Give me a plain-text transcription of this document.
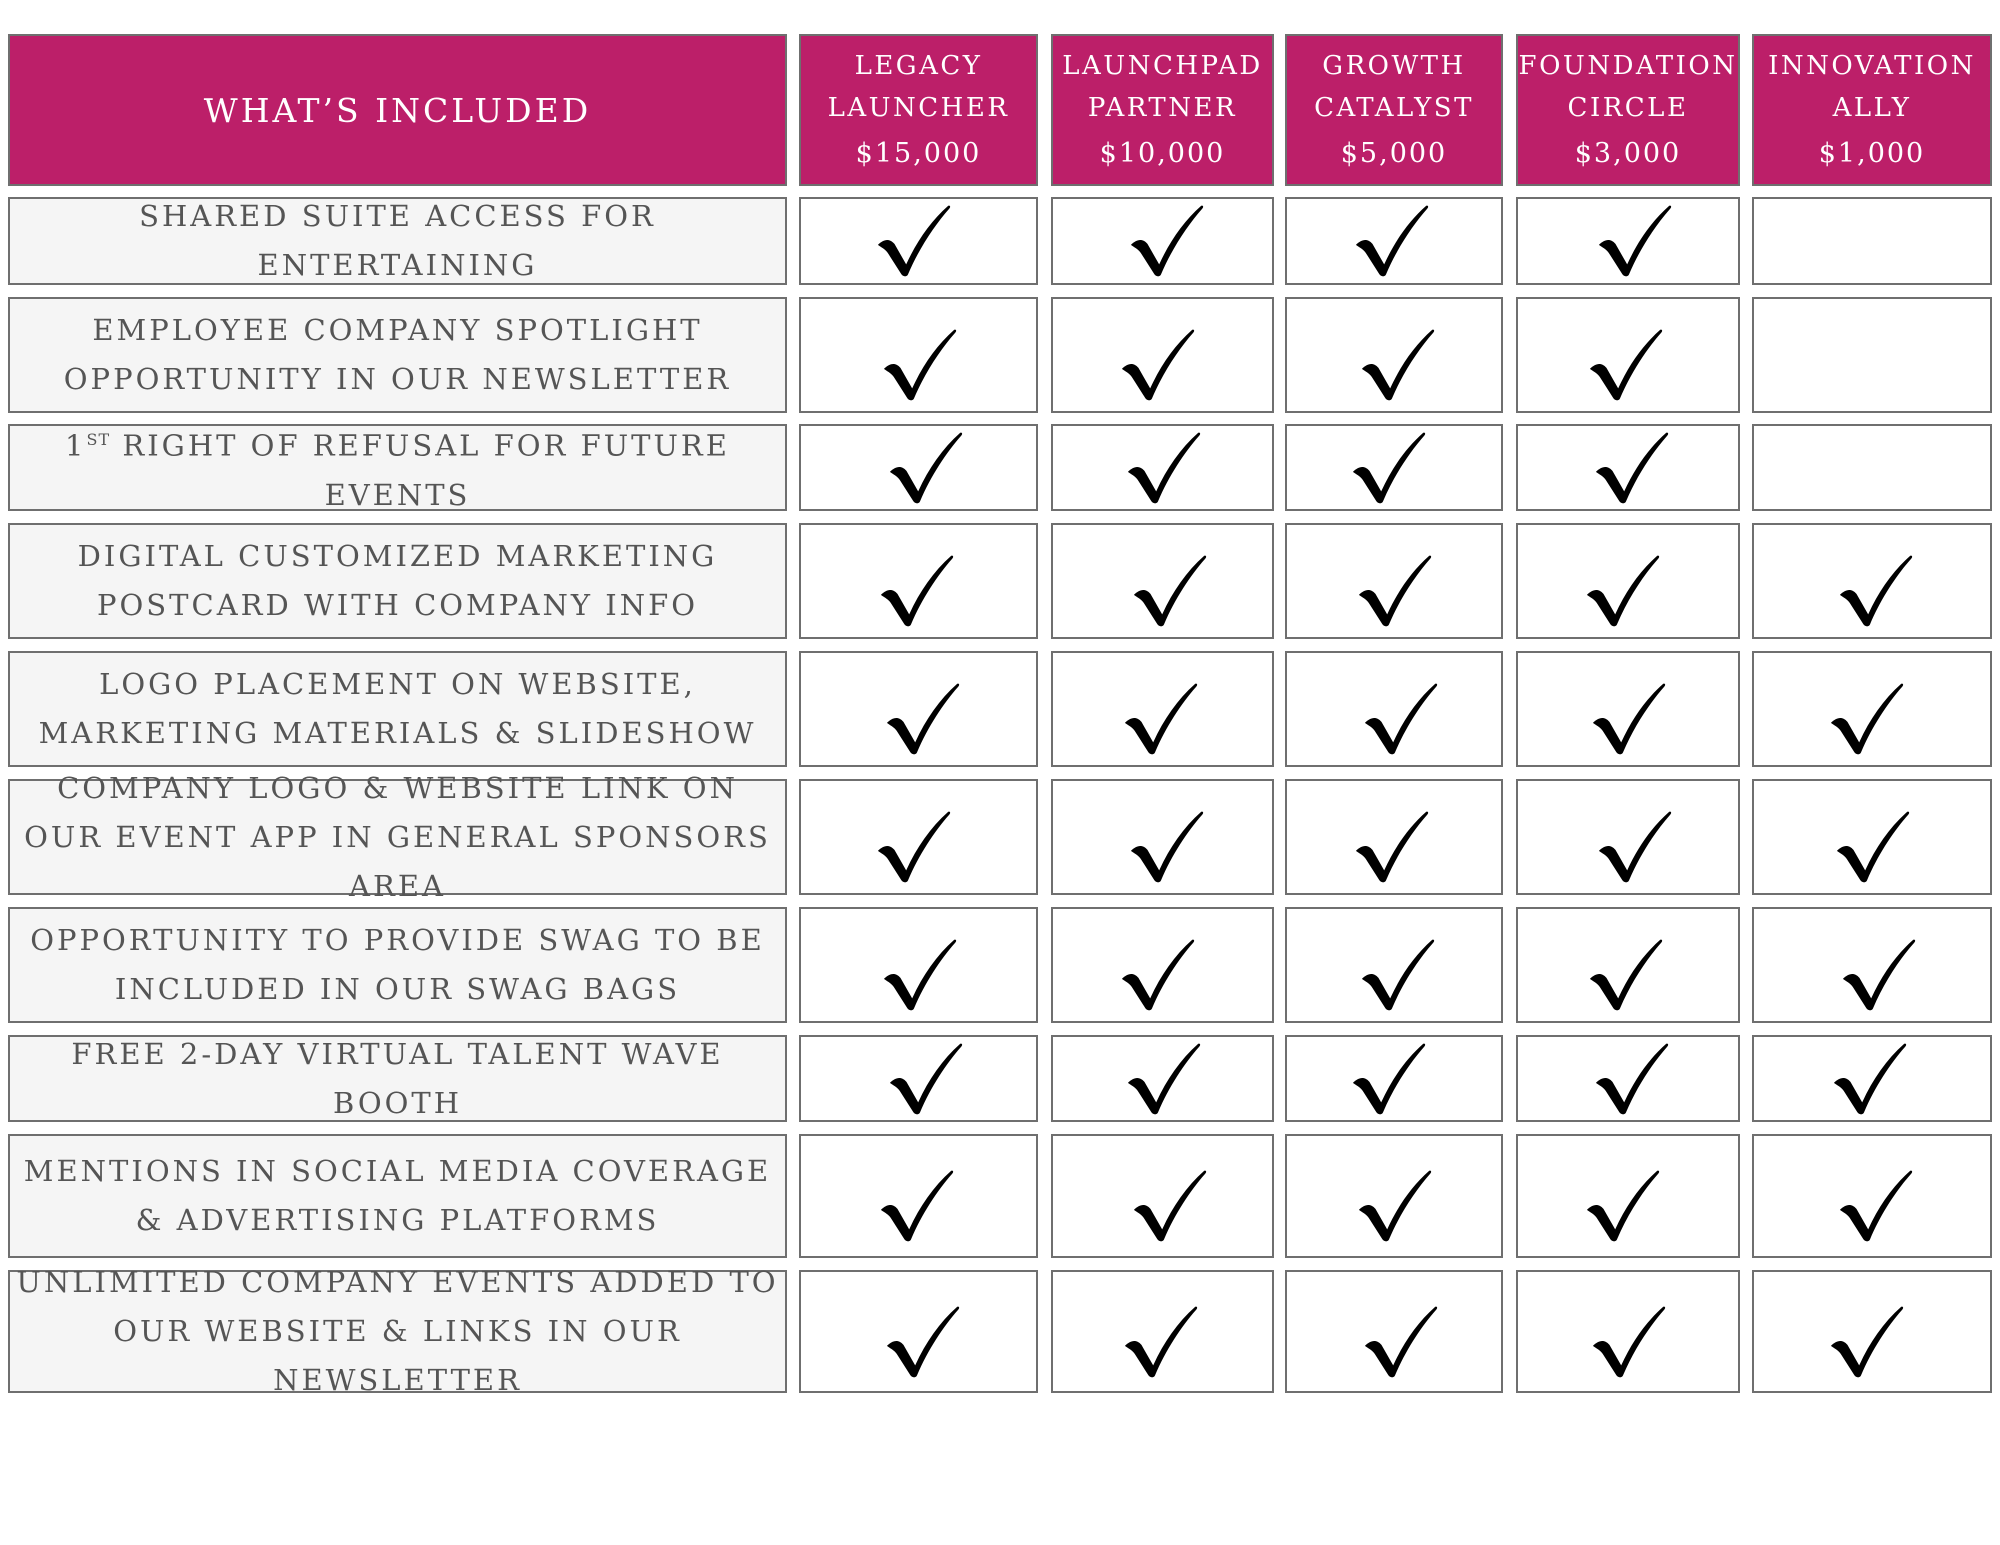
WHAT’S INCLUDED
LEGACY
LAUNCHER
$15,000
LAUNCHPAD
PARTNER
$10,000
GROWTH
CATALYST
$5,000
FOUNDATION
CIRCLE
$3,000
INNOVATION
ALLY
$1,000
SHARED SUITE ACCESS FOR ENTERTAINING
EMPLOYEE COMPANY SPOTLIGHT OPPORTUNITY IN OUR NEWSLETTER
1ST RIGHT OF REFUSAL FOR FUTURE EVENTS
DIGITAL CUSTOMIZED MARKETING POSTCARD WITH COMPANY INFO
LOGO PLACEMENT ON WEBSITE, MARKETING MATERIALS & SLIDESHOW
COMPANY LOGO & WEBSITE LINK ON OUR EVENT APP IN GENERAL SPONSORS AREA
OPPORTUNITY TO PROVIDE SWAG TO BE INCLUDED IN OUR SWAG BAGS
FREE 2-DAY VIRTUAL TALENT WAVE BOOTH
MENTIONS IN SOCIAL MEDIA COVERAGE & ADVERTISING PLATFORMS
UNLIMITED COMPANY EVENTS ADDED TO OUR WEBSITE & LINKS IN OUR NEWSLETTER
